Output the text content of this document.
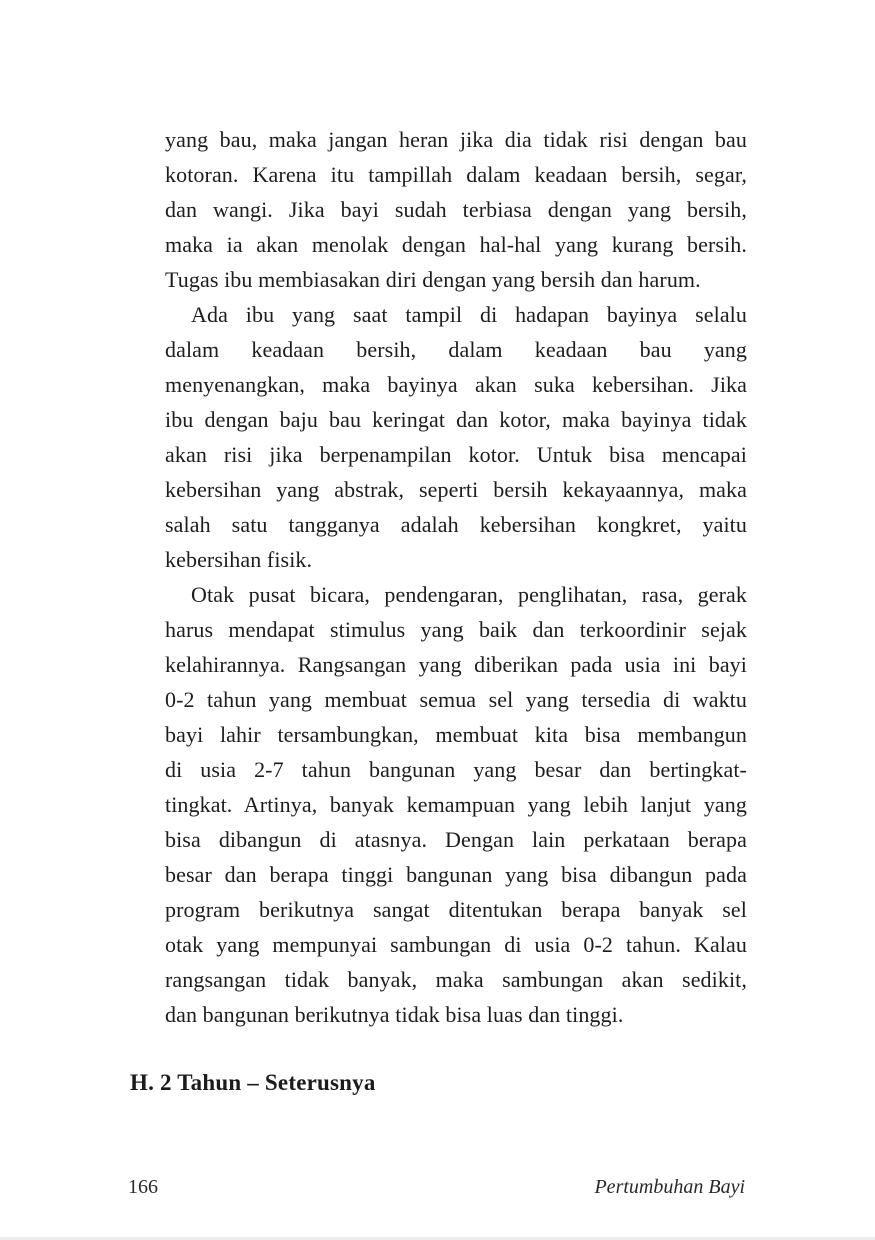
yang bau, maka jangan heran jika dia tidak risi dengan bau
kotoran. Karena itu tampillah dalam keadaan bersih, segar,
dan wangi. Jika bayi sudah terbiasa dengan yang bersih,
maka ia akan menolak dengan hal-hal yang kurang bersih.
Tugas ibu membiasakan diri dengan yang bersih dan harum.
Ada ibu yang saat tampil di hadapan bayinya selalu
dalam keadaan bersih, dalam keadaan bau yang
menyenangkan, maka bayinya akan suka kebersihan. Jika
ibu dengan baju bau keringat dan kotor, maka bayinya tidak
akan risi jika berpenampilan kotor. Untuk bisa mencapai
kebersihan yang abstrak, seperti bersih kekayaannya, maka
salah satu tangganya adalah kebersihan kongkret, yaitu
kebersihan fisik.
Otak pusat bicara, pendengaran, penglihatan, rasa, gerak
harus mendapat stimulus yang baik dan terkoordinir sejak
kelahirannya. Rangsangan yang diberikan pada usia ini bayi
0-2 tahun yang membuat semua sel yang tersedia di waktu
bayi lahir tersambungkan, membuat kita bisa membangun
di usia 2-7 tahun bangunan yang besar dan bertingkat-
tingkat. Artinya, banyak kemampuan yang lebih lanjut yang
bisa dibangun di atasnya. Dengan lain perkataan berapa
besar dan berapa tinggi bangunan yang bisa dibangun pada
program berikutnya sangat ditentukan berapa banyak sel
otak yang mempunyai sambungan di usia 0-2 tahun. Kalau
rangsangan tidak banyak, maka sambungan akan sedikit,
dan bangunan berikutnya tidak bisa luas dan tinggi.
H. 2 Tahun – Seterusnya
166	Pertumbuhan Bayi
